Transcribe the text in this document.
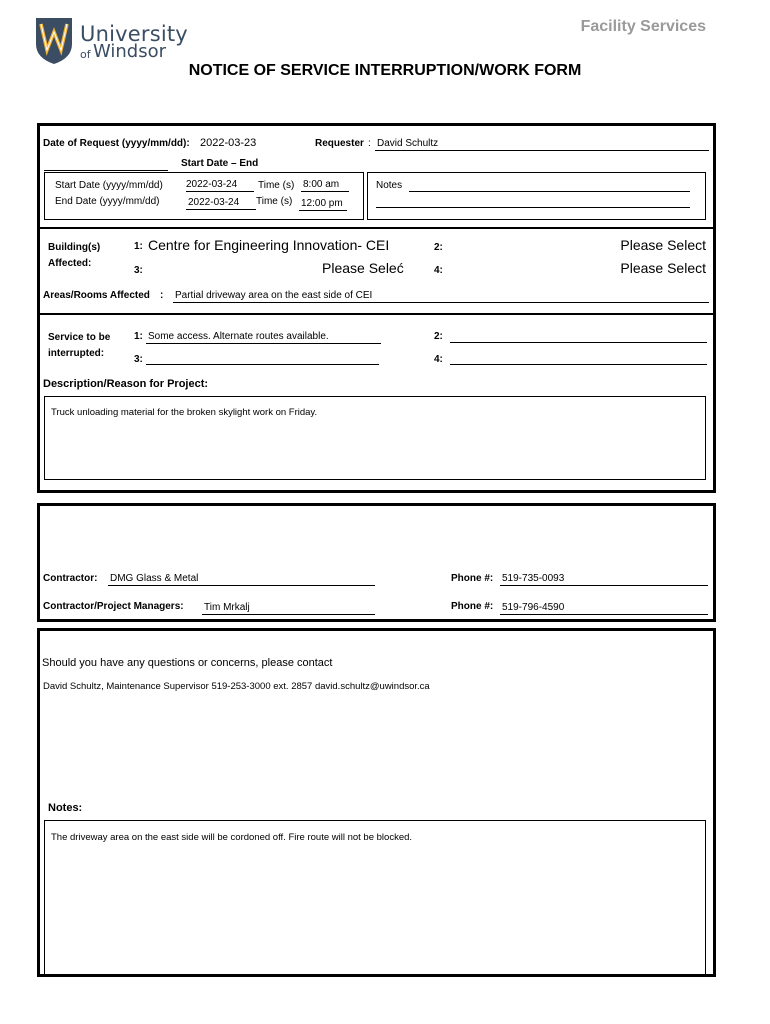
University
of Windsor
Facility Services
NOTICE OF SERVICE INTERRUPTION/WORK FORM
Date of Request (yyyy/mm/dd): 2022-03-23	Requester : David Schultz
Start Date – End
Start Date (yyyy/mm/dd) 2022-03-24	Time (s) 8:00 am
End Date (yyyy/mm/dd)	2022-03-24	Time (s) 12:00 pm
Notes
Building(s)
Affected:
1: Centre for Engineering Innovation- CEI	2:	Please Select
3:	Please Seleć	4:	Please Select
Areas/Rooms Affected : Partial driveway area on the east side of CEI
Service to be
interrupted:
1: Some access. Alternate routes available.	2:
3:	4:
Description/Reason for Project:
Truck unloading material for the broken skylight work on Friday.
Contractor: DMG Glass & Metal	Phone #: 519-735-0093
Contractor/Project Managers: Tim Mrkalj	Phone #: 519-796-4590
Should you have any questions or concerns, please contact
David Schultz, Maintenance Supervisor 519-253-3000 ext. 2857 david.schultz@uwindsor.ca
Notes:
The driveway area on the east side will be cordoned off. Fire route will not be blocked.
